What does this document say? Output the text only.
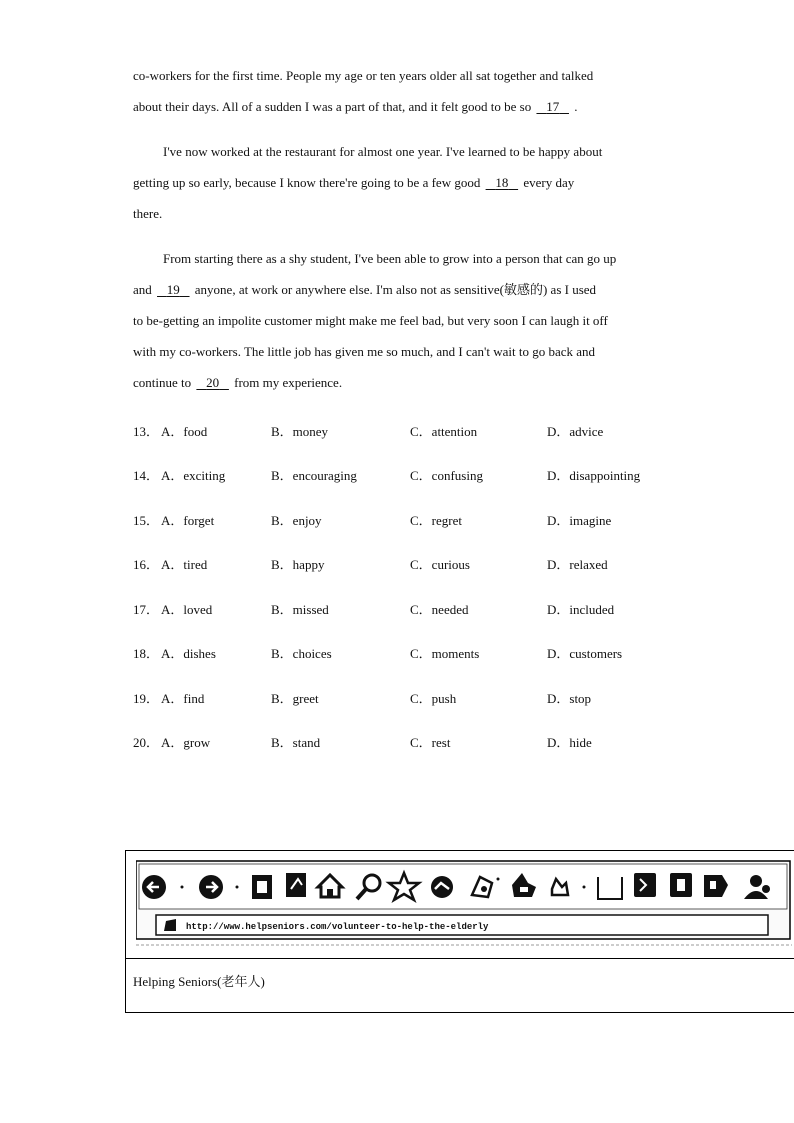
co-workers for the first time. People my age or ten years older all sat together and talked
about their days. All of a sudden I was a part of that, and it felt good to be so 17 .
I've now worked at the restaurant for almost one year. I've learned to be happy about
getting up so early, because I know there're going to be a few good 18 every day
there.
From starting there as a shy student, I've been able to grow into a person that can go up
and 19 anyone, at work or anywhere else. I'm also not as sensitive(敏感的) as I used
to be-getting an impolite customer might make me feel bad, but very soon I can laugh it off
with my co-workers. The little job has given me so much, and I can't wait to go back and
continue to 20 from my experience.
13． A．food	B．money	C．attention	D．advice
14． A．exciting	B．encouraging	C．confusing	D．disappointing
15． A．forget	B．enjoy	C．regret	D．imagine
16． A．tired	B．happy	C．curious	D．relaxed
17． A．loved	B．missed	C．needed	D．included
18． A．dishes	B．choices	C．moments	D．customers
19． A．find	B．greet	C．push	D．stop
20． A．grow	B．stand	C．rest	D．hide
http://www.helpseniors.com/volunteer-to-help-the-elderly
Helping Seniors(老年人)
